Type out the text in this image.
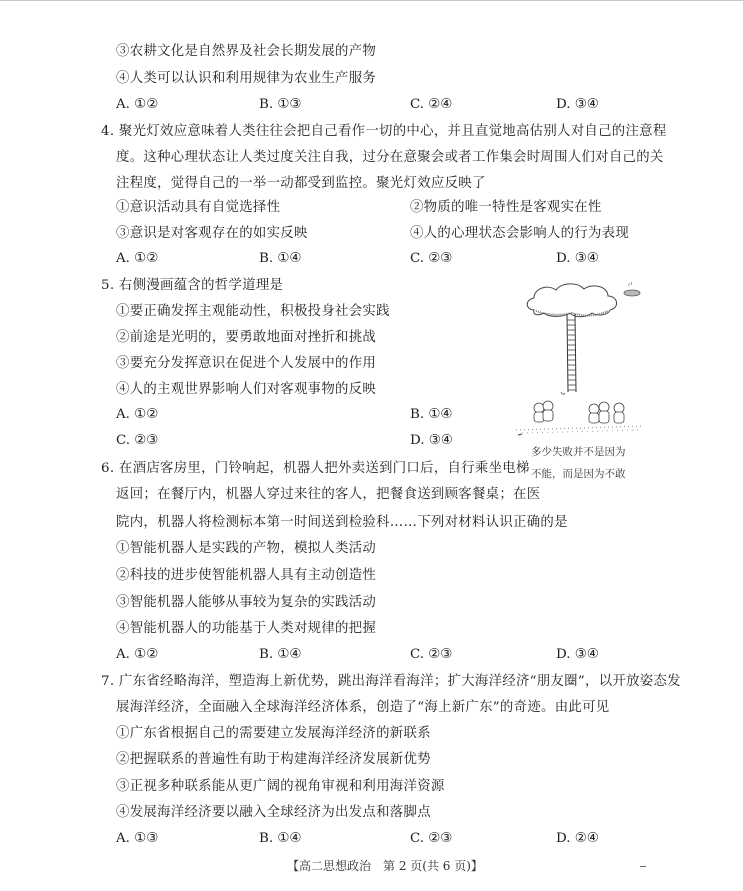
③农耕文化是自然界及社会长期发展的产物
④人类可以认识和利用规律为农业生产服务
A. ①②	B. ①③	C. ②④	D. ③④
4. 聚光灯效应意味着人类往往会把自己看作一切的中心，并且直觉地高估别人对自己的注意程
度。这种心理状态让人类过度关注自我，过分在意聚会或者工作集会时周围人们对自己的关
注程度，觉得自己的一举一动都受到监控。聚光灯效应反映了
①意识活动具有自觉选择性	②物质的唯一特性是客观实在性
③意识是对客观存在的如实反映	④人的心理状态会影响人的行为表现
A. ①②	B. ①④	C. ②③	D. ③④
5. 右侧漫画蕴含的哲学道理是
①要正确发挥主观能动性，积极投身社会实践
②前途是光明的，要勇敢地面对挫折和挑战
③要充分发挥意识在促进个人发展中的作用
④人的主观世界影响人们对客观事物的反映
A. ①②	B. ①④
C. ②③	D. ③④
多少失败并不是因为
不能，而是因为不敢
6. 在酒店客房里，门铃响起，机器人把外卖送到门口后，自行乘坐电梯
返回；在餐厅内，机器人穿过来往的客人，把餐食送到顾客餐桌；在医
院内，机器人将检测标本第一时间送到检验科……下列对材料认识正确的是
①智能机器人是实践的产物，模拟人类活动
②科技的进步使智能机器人具有主动创造性
③智能机器人能够从事较为复杂的实践活动
④智能机器人的功能基于人类对规律的把握
A. ①②	B. ①④	C. ②③	D. ③④
7. 广东省经略海洋，塑造海上新优势，跳出海洋看海洋；扩大海洋经济“朋友圈”，以开放姿态发
展海洋经济，全面融入全球海洋经济体系，创造了“海上新广东”的奇迹。由此可见
①广东省根据自己的需要建立发展海洋经济的新联系
②把握联系的普遍性有助于构建海洋经济发展新优势
③正视多种联系能从更广阔的视角审视和利用海洋资源
④发展海洋经济要以融入全球经济为出发点和落脚点
A. ①③	B. ①④	C. ②③	D. ②④
【高二思想政治　第 2 页(共 6 页)】
